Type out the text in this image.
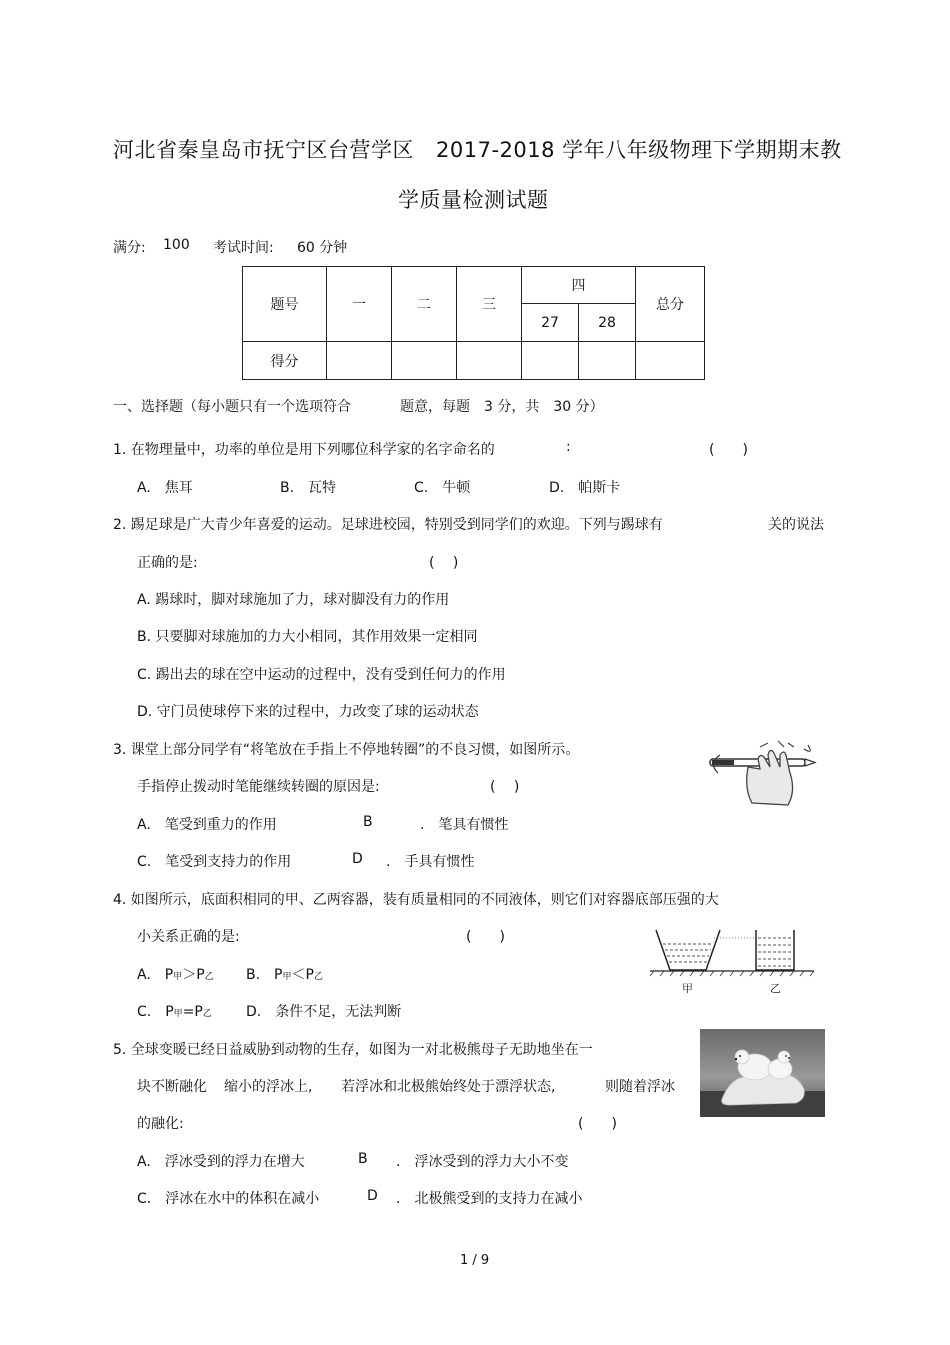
河北省秦皇岛市抚宁区台营学区 2017-2018 学年八年级物理下学期期末教
学质量检测试题
满分: 100 考试时间: 60 分钟
题号	一	二	三	四		总分
				27	28	
得分						
一、选择题（每小题只有一个选项符合	题意，每题　3 分，共　30 分）
1. 在物理量中，功率的单位是用下列哪位科学家的名字命名的	:	(　　)
A.　焦耳	B.　瓦特	C.　牛顿	D.　帕斯卡
2. 踢足球是广大青少年喜爱的运动。足球进校园，特别受到同学们的欢迎。下列与踢球有	关的说法
正确的是:	(　 )
A. 踢球时，脚对球施加了力，球对脚没有力的作用
B. 只要脚对球施加的力大小相同，其作用效果一定相同
C. 踢出去的球在空中运动的过程中，没有受到任何力的作用
D. 守门员使球停下来的过程中，力改变了球的运动状态
3. 课堂上部分同学有“将笔放在手指上不停地转圈”的不良习惯，如图所示。
手指停止拨动时笔能继续转圈的原因是:	(　 )
A.　笔受到重力的作用	B	.　笔具有惯性
C.　笔受到支持力的作用	D .　手具有惯性
4. 如图所示，底面积相同的甲、乙两容器，装有质量相同的不同液体，则它们对容器底部压强的大
小关系正确的是:	(　　)
A.　P甲＞P乙 B.　P甲＜P乙
C.　P甲=P乙 D.　条件不足，无法判断
甲	乙
5. 全球变暖已经日益威胁到动物的生存，如图为一对北极熊母子无助地坐在一
块不断融化 缩小的浮冰上, 若浮冰和北极熊始终处于漂浮状态,	则随着浮冰
的融化:	(　　)
A.　浮冰受到的浮力在增大	B .　浮冰受到的浮力大小不变
C.　浮冰在水中的体积在减小	D .　北极熊受到的支持力在减小
1 / 9
